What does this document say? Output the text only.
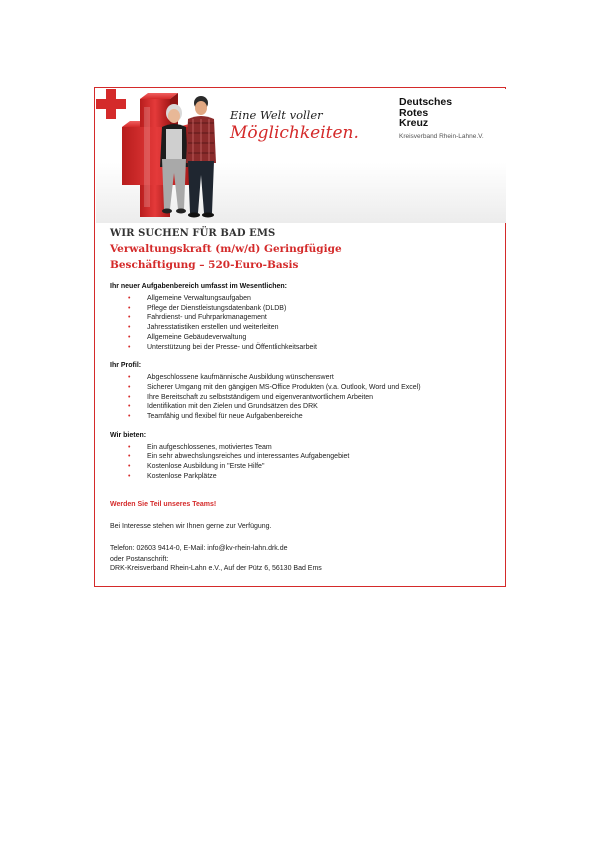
Eine Welt voller
Möglichkeiten.
Deutsches
Rotes
Kreuz
Kreisverband Rhein-Lahne.V.
WIR SUCHEN FÜR BAD EMS
Verwaltungskraft (m/w/d) Geringfügige Beschäftigung – 520-Euro-Basis
Ihr neuer Aufgabenbereich umfasst im Wesentlichen:
• Allgemeine Verwaltungsaufgaben
• Pflege der Dienstleistungsdatenbank (DLDB)
• Fahrdienst- und Fuhrparkmanagement
• Jahresstatistiken erstellen und weiterleiten
• Allgemeine Gebäudeverwaltung
• Unterstützung bei der Presse- und Öffentlichkeitsarbeit
Ihr Profil:
• Abgeschlossene kaufmännische Ausbildung wünschenswert
• Sicherer Umgang mit den gängigen MS-Office Produkten (v.a. Outlook, Word und Excel)
• Ihre Bereitschaft zu selbstständigem und eigenverantwortlichem Arbeiten
• Identifikation mit den Zielen und Grundsätzen des DRK
• Teamfähig und flexibel für neue Aufgabenbereiche
Wir bieten:
• Ein aufgeschlossenes, motiviertes Team
• Ein sehr abwechslungsreiches und interessantes Aufgabengebiet
• Kostenlose Ausbildung in "Erste Hilfe"
• Kostenlose Parkplätze
Werden Sie Teil unseres Teams!

Bei Interesse stehen wir Ihnen gerne zur Verfügung.

Telefon: 02603 9414-0, E-Mail: info@kv-rhein-lahn.drk.de

oder Postanschrift:

DRK-Kreisverband Rhein-Lahn e.V., Auf der Pütz 6, 56130 Bad Ems
